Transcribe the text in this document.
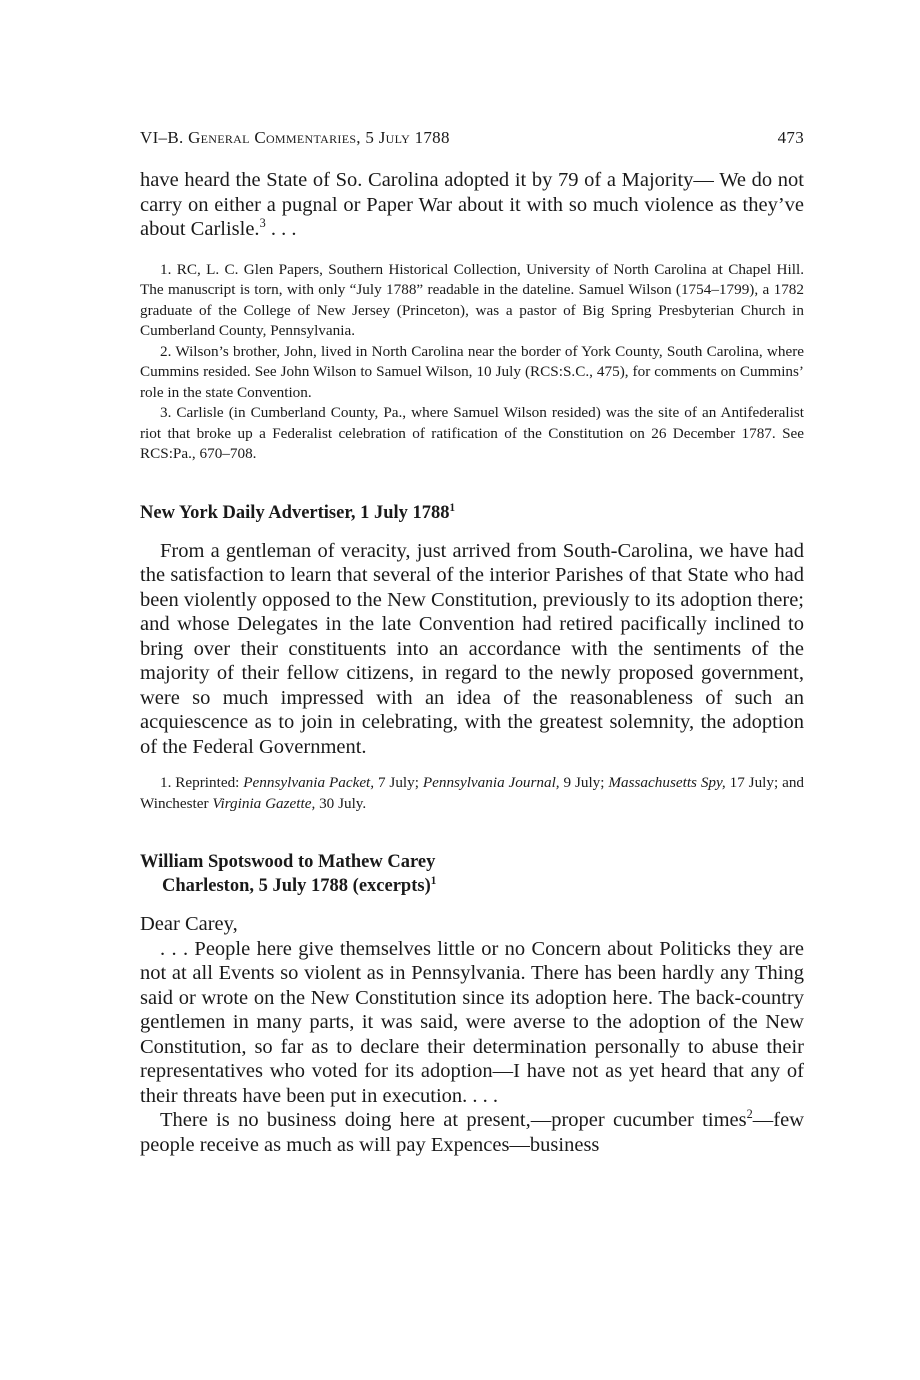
VI–B. General Commentaries, 5 July 1788	473

have heard the State of So. Carolina adopted it by 79 of a Majority— We do not carry on either a pugnal or Paper War about it with so much violence as they’ve about Carlisle.$^3$ . . .

1. RC, L. C. Glen Papers, Southern Historical Collection, University of North Carolina at Chapel Hill. The manuscript is torn, with only “July 1788” readable in the dateline. Samuel Wilson (1754–1799), a 1782 graduate of the College of New Jersey (Princeton), was a pastor of Big Spring Presbyterian Church in Cumberland County, Pennsylvania.

2. Wilson’s brother, John, lived in North Carolina near the border of York County, South Carolina, where Cummins resided. See John Wilson to Samuel Wilson, 10 July (RCS:S.C., 475), for comments on Cummins’ role in the state Convention.

3. Carlisle (in Cumberland County, Pa., where Samuel Wilson resided) was the site of an Antifederalist riot that broke up a Federalist celebration of ratification of the Constitution on 26 December 1787. See RCS:Pa., 670–708.

New York Daily Advertiser, 1 July 1788$^1$

From a gentleman of veracity, just arrived from South-Carolina, we have had the satisfaction to learn that several of the interior Parishes of that State who had been violently opposed to the New Constitution, previously to its adoption there; and whose Delegates in the late Convention had retired pacifically inclined to bring over their constituents into an accordance with the sentiments of the majority of their fellow citizens, in regard to the newly proposed government, were so much impressed with an idea of the reasonableness of such an acquiescence as to join in celebrating, with the greatest solemnity, the adoption of the Federal Government.

1. Reprinted: Pennsylvania Packet, 7 July; Pennsylvania Journal, 9 July; Massachusetts Spy, 17 July; and Winchester Virginia Gazette, 30 July.

William Spotswood to Mathew Carey

Charleston, 5 July 1788 (excerpts)$^1$

Dear Carey,

. . . People here give themselves little or no Concern about Politicks they are not at all Events so violent as in Pennsylvania. There has been hardly any Thing said or wrote on the New Constitution since its adoption here. The back-country gentlemen in many parts, it was said, were averse to the adoption of the New Constitution, so far as to declare their determination personally to abuse their representatives who voted for its adoption—I have not as yet heard that any of their threats have been put in execution. . . .

There is no business doing here at present,—proper cucumber times$^2$—few people receive as much as will pay Expences—business
